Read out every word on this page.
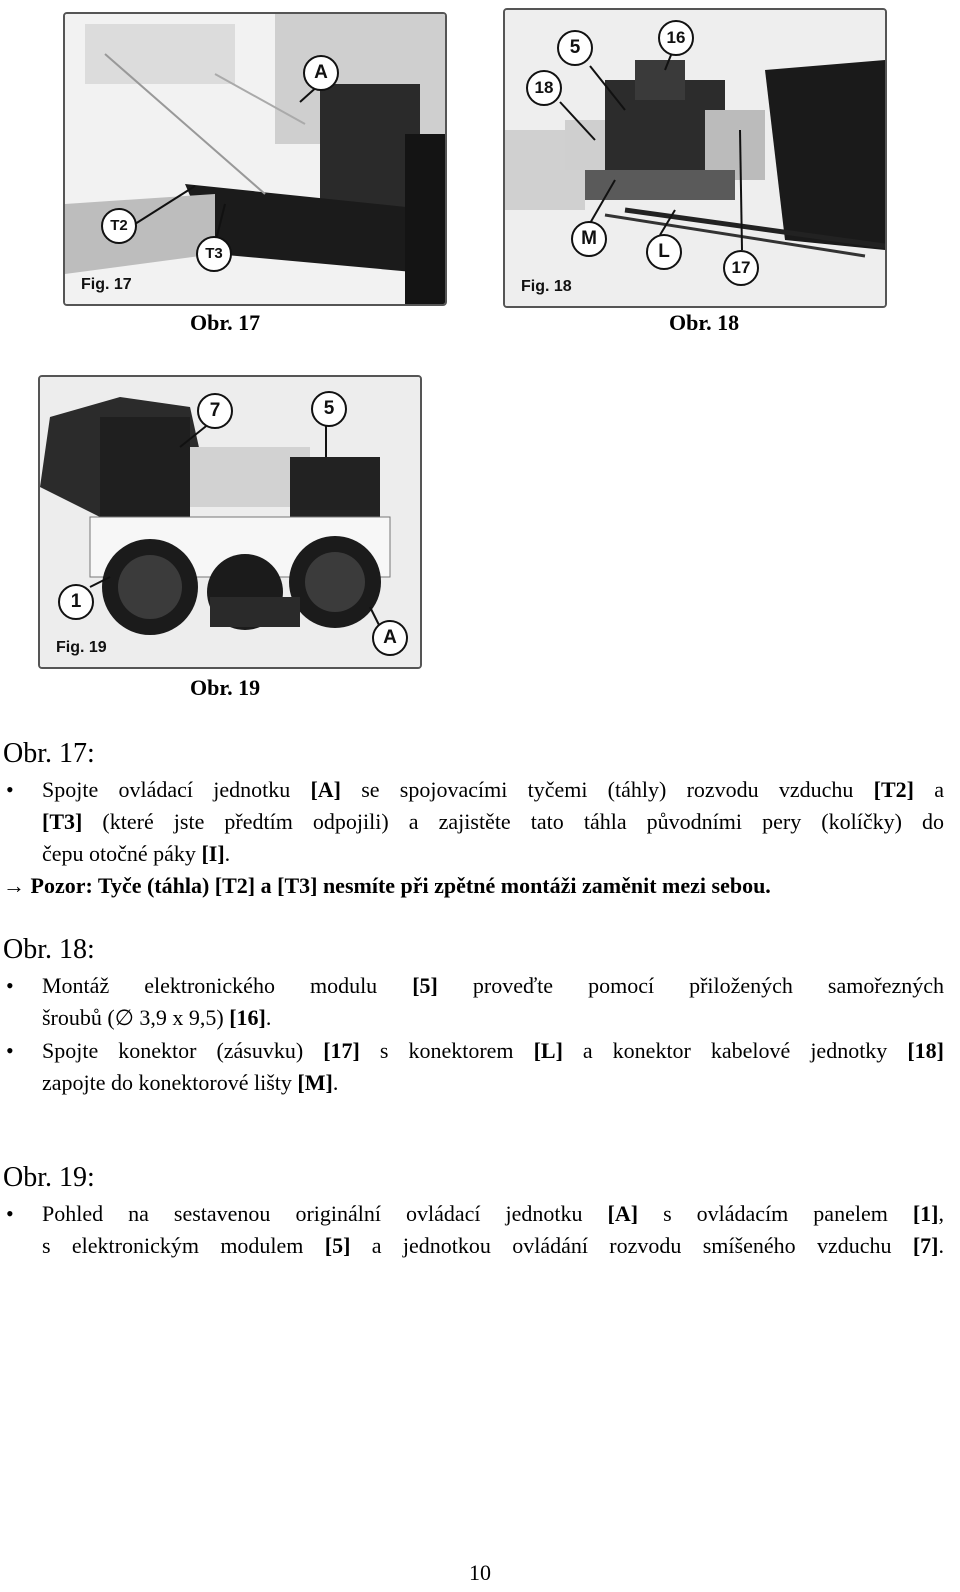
A
T2
T3
Fig. 17
5	16
18
M
L
17
Fig. 18
Obr. 17	Obr. 18
7	5
1
A
Fig. 19
Obr. 19
Obr. 17:
• Spojte ovládací jednotku [A] se spojovacími tyčemi (táhly) rozvodu vzduchu [T2] a
[T3] (které jste předtím odpojili) a zajistěte tato táhla původními pery (kolíčky) do
čepu otočné páky [I].
→ Pozor: Tyče (táhla) [T2] a [T3] nesmíte při zpětné montáži zaměnit mezi sebou.
Obr. 18:
• Montáž elektronického modulu [5] proveďte pomocí přiložených samořezných
šroubů (∅ 3,9 x 9,5) [16].
• Spojte konektor (zásuvku) [17] s konektorem [L] a konektor kabelové jednotky [18]
zapojte do konektorové lišty [M].
Obr. 19:
• Pohled na sestavenou originální ovládací jednotku [A] s ovládacím panelem [1],
s elektronickým modulem [5] a jednotkou ovládání rozvodu smíšeného vzduchu [7].
10
